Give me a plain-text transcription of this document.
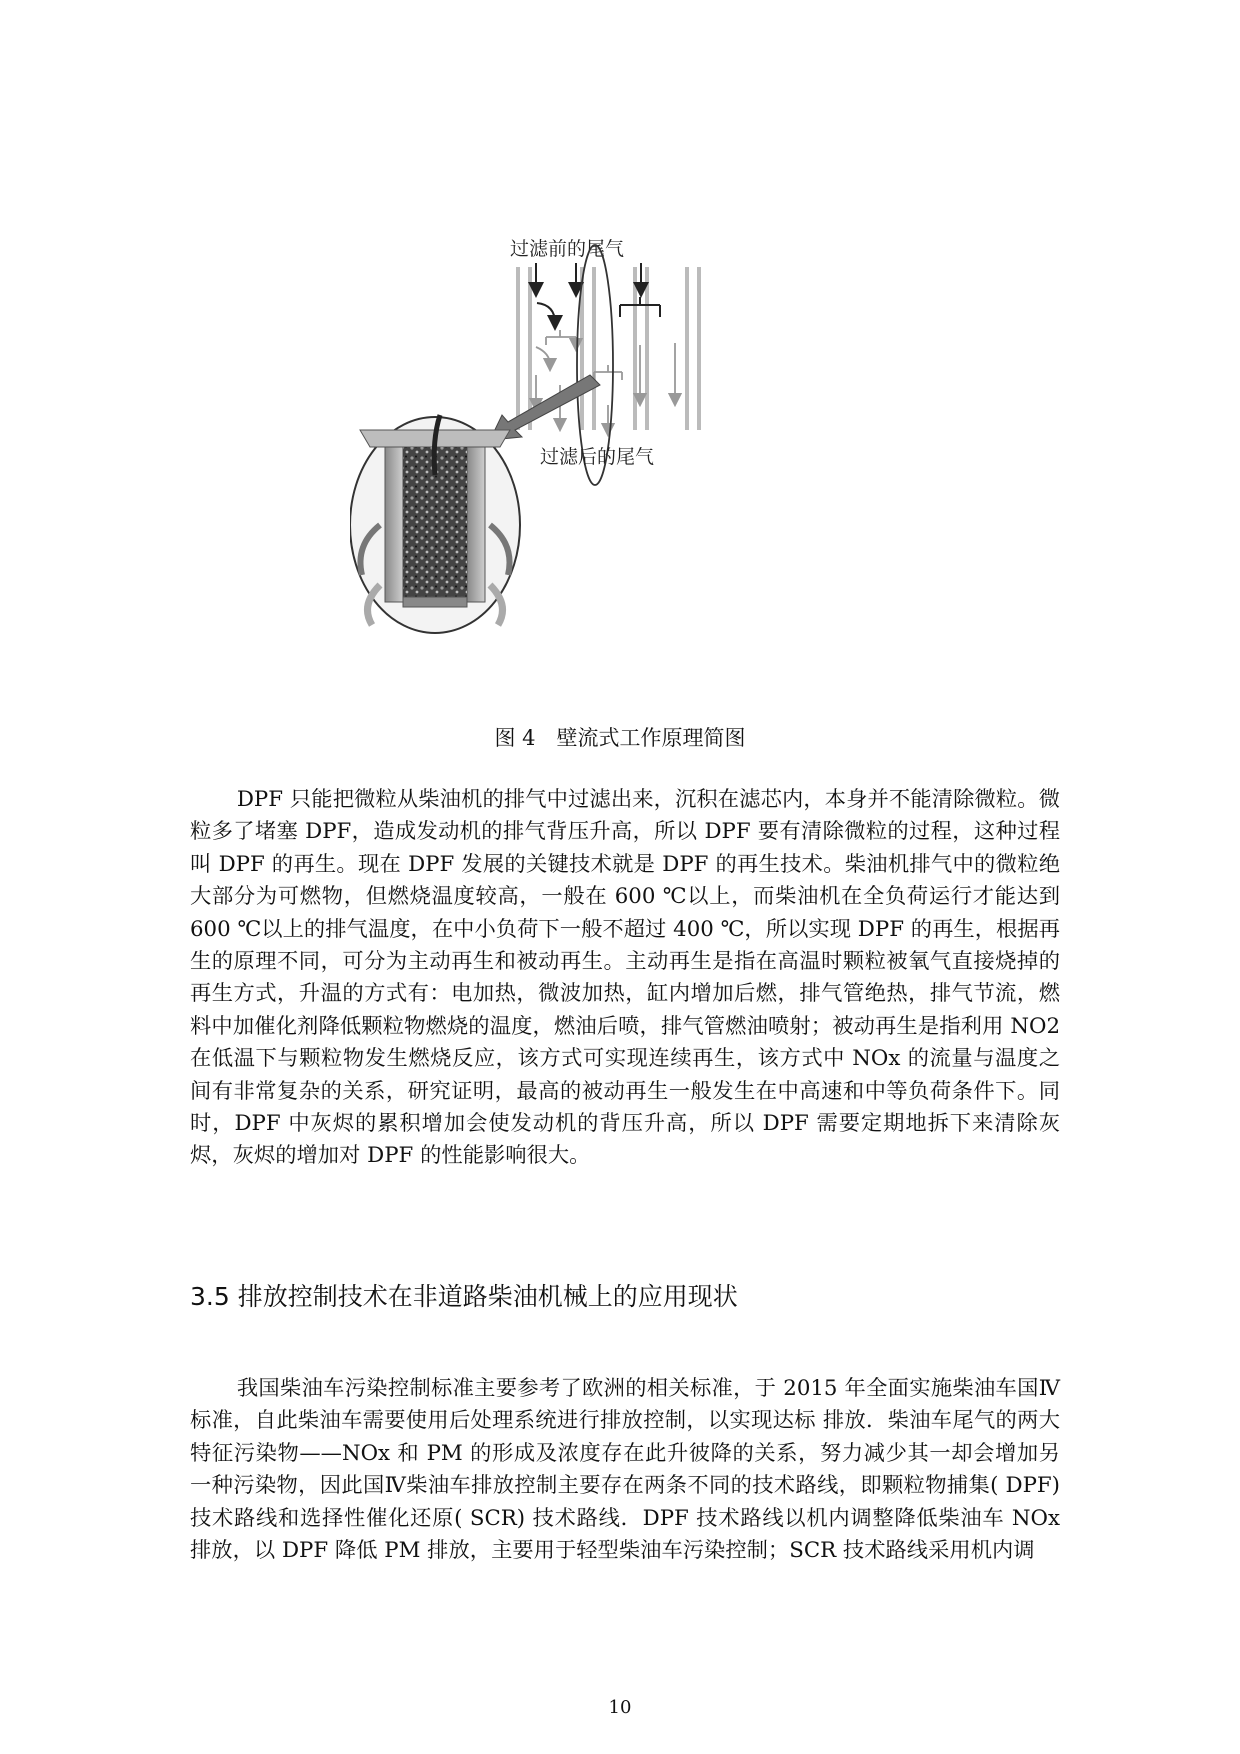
过滤前的尾气
过滤后的尾气
图 4　壁流式工作原理简图

DPF 只能把微粒从柴油机的排气中过滤出来，沉积在滤芯内，本身并不能清除微粒。微粒多了堵塞 DPF，造成发动机的排气背压升高，所以 DPF 要有清除微粒的过程，这种过程叫 DPF 的再生。现在 DPF 发展的关键技术就是 DPF 的再生技术。柴油机排气中的微粒绝大部分为可燃物，但燃烧温度较高，一般在 600 ℃以上，而柴油机在全负荷运行才能达到 600 ℃以上的排气温度，在中小负荷下一般不超过 400 ℃，所以实现 DPF 的再生，根据再生的原理不同，可分为主动再生和被动再生。主动再生是指在高温时颗粒被氧气直接烧掉的再生方式，升温的方式有：电加热，微波加热，缸内增加后燃，排气管绝热，排气节流，燃料中加催化剂降低颗粒物燃烧的温度，燃油后喷，排气管燃油喷射；被动再生是指利用 NO2 在低温下与颗粒物发生燃烧反应，该方式可实现连续再生，该方式中 NOx 的流量与温度之间有非常复杂的关系，研究证明，最高的被动再生一般发生在中高速和中等负荷条件下。同时，DPF 中灰烬的累积增加会使发动机的背压升高，所以 DPF 需要定期地拆下来清除灰烬，灰烬的增加对 DPF 的性能影响很大。

3.5 排放控制技术在非道路柴油机械上的应用现状

我国柴油车污染控制标准主要参考了欧洲的相关标准，于 2015 年全面实施柴油车国Ⅳ标准，自此柴油车需要使用后处理系统进行排放控制，以实现达标 排放．柴油车尾气的两大特征污染物——NOx 和 PM 的形成及浓度存在此升彼降的关系，努力减少其一却会增加另一种污染物，因此国Ⅳ柴油车排放控制主要存在两条不同的技术路线，即颗粒物捕集( DPF) 技术路线和选择性催化还原( SCR) 技术路线．DPF 技术路线以机内调整降低柴油车 NOx 排放，以 DPF 降低 PM 排放，主要用于轻型柴油车污染控制；SCR 技术路线采用机内调

10
